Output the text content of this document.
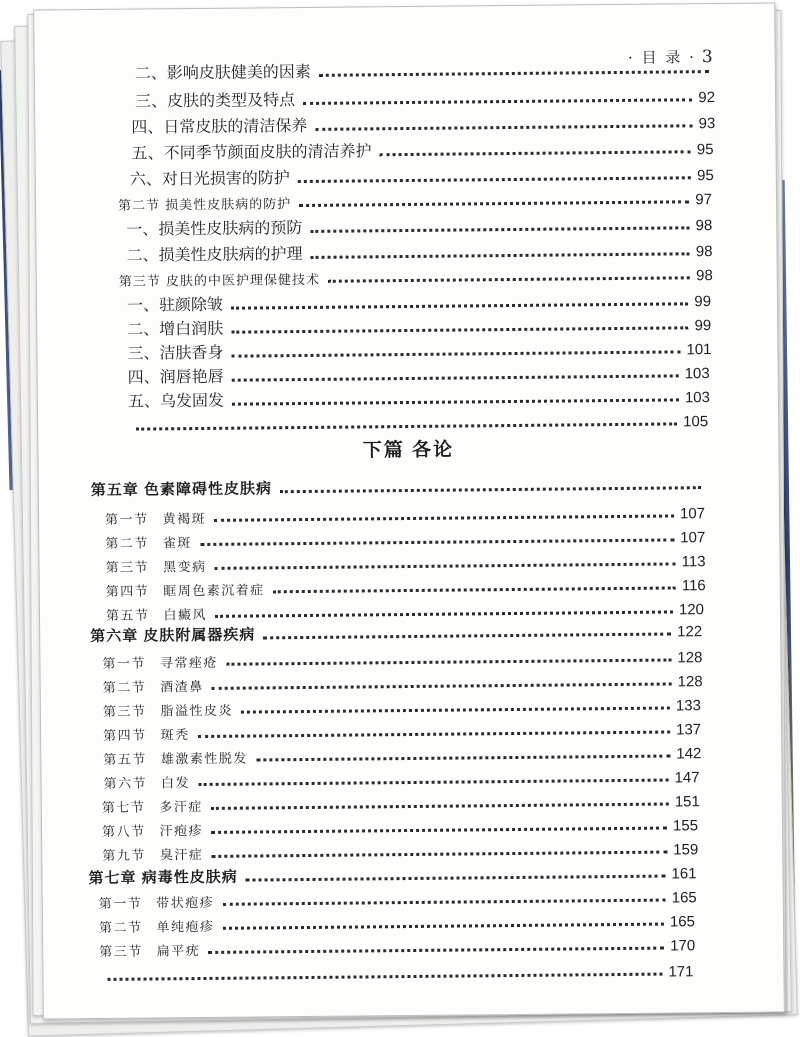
· 目 录 · 3
二、影响皮肤健美的因素
三、皮肤的类型及特点	92
四、日常皮肤的清洁保养	93
五、不同季节颜面皮肤的清洁养护	95
六、对日光损害的防护	95
第二节 损美性皮肤病的防护	97
一、损美性皮肤病的预防	98
二、损美性皮肤病的护理	98
第三节 皮肤的中医护理保健技术	98
一、驻颜除皱	99
二、增白润肤	99
三、洁肤香身	101
四、润唇艳唇	103
五、乌发固发	103
105
下篇 各论
第五章 色素障碍性皮肤病
第一节 黄褐斑	107
第二节 雀斑	107
第三节 黑变病	113
第四节 眶周色素沉着症	116
第五节 白癜风	120
第六章 皮肤附属器疾病	122
第一节 寻常痤疮	128
第二节 酒渣鼻	128
第三节 脂溢性皮炎	133
第四节 斑秃	137
第五节 雄激素性脱发	142
第六节 白发	147
第七节 多汗症	151
第八节 汗疱疹	155
第九节 臭汗症	159
第七章 病毒性皮肤病	161
第一节 带状疱疹	165
第二节 单纯疱疹	165
第三节 扁平疣	170
171
